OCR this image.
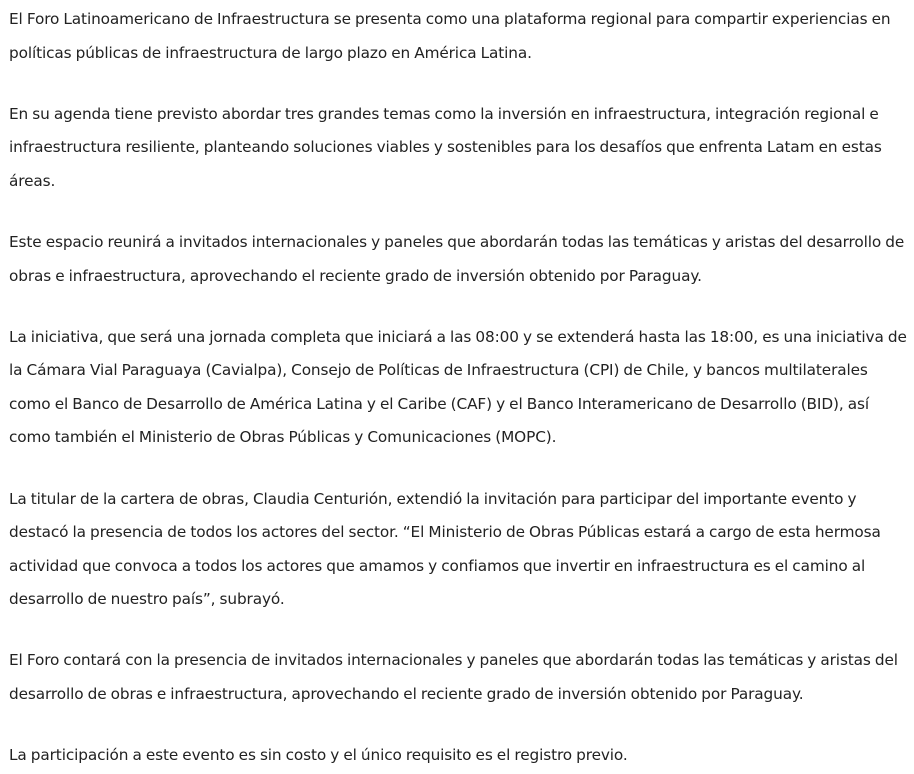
El Foro Latinoamericano de Infraestructura se presenta como una plataforma regional para compartir experiencias en políticas públicas de infraestructura de largo plazo en América Latina.

En su agenda tiene previsto abordar tres grandes temas como la inversión en infraestructura, integración regional e infraestructura resiliente, planteando soluciones viables y sostenibles para los desafíos que enfrenta Latam en estas áreas.

Este espacio reunirá a invitados internacionales y paneles que abordarán todas las temáticas y aristas del desarrollo de obras e infraestructura, aprovechando el reciente grado de inversión obtenido por Paraguay.

La iniciativa, que será una jornada completa que iniciará a las 08:00 y se extenderá hasta las 18:00, es una iniciativa de la Cámara Vial Paraguaya (Cavialpa), Consejo de Políticas de Infraestructura (CPI) de Chile, y bancos multilaterales como el Banco de Desarrollo de América Latina y el Caribe (CAF) y el Banco Interamericano de Desarrollo (BID), así como también el Ministerio de Obras Públicas y Comunicaciones (MOPC).

La titular de la cartera de obras, Claudia Centurión, extendió la invitación para participar del importante evento y destacó la presencia de todos los actores del sector. “El Ministerio de Obras Públicas estará a cargo de esta hermosa actividad que convoca a todos los actores que amamos y confiamos que invertir en infraestructura es el camino al desarrollo de nuestro país”, subrayó.

El Foro contará con la presencia de invitados internacionales y paneles que abordarán todas las temáticas y aristas del desarrollo de obras e infraestructura, aprovechando el reciente grado de inversión obtenido por Paraguay.

La participación a este evento es sin costo y el único requisito es el registro previo.
